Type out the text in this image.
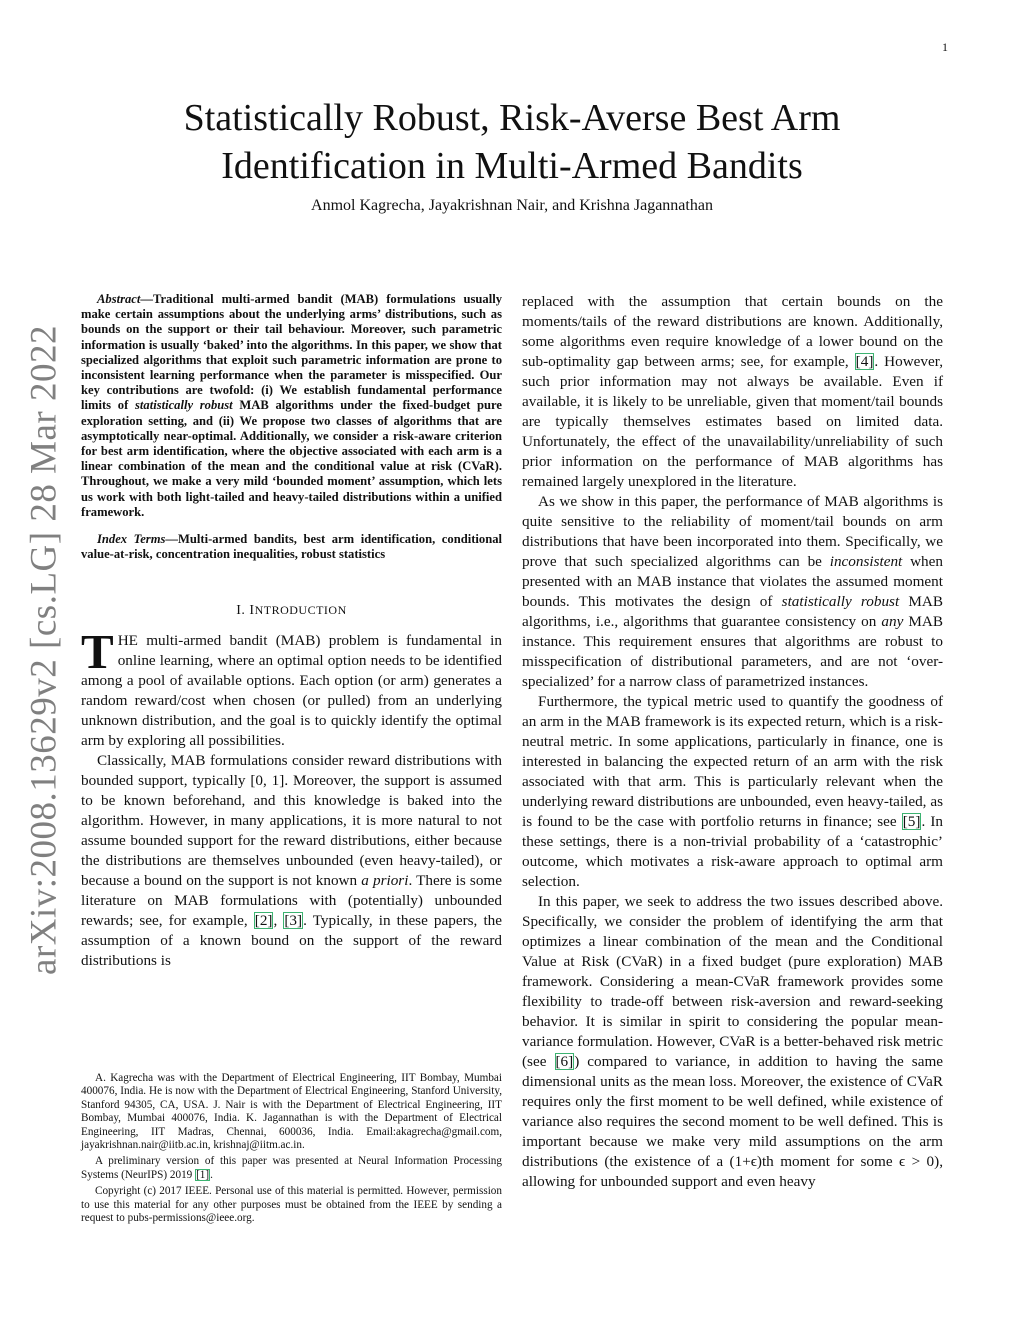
1
arXiv:2008.13629v2 [cs.LG] 28 Mar 2022
Statistically Robust, Risk-Averse Best Arm
Identification in Multi-Armed Bandits

Anmol Kagrecha, Jayakrishnan Nair, and Krishna Jagannathan

Abstract—Traditional multi-armed bandit (MAB) formulations usually make certain assumptions about the underlying arms’ distributions, such as bounds on the support or their tail behaviour. Moreover, such parametric information is usually ‘baked’ into the algorithms. In this paper, we show that specialized algorithms that exploit such parametric information are prone to inconsistent learning performance when the parameter is misspecified. Our key contributions are twofold: (i) We establish fundamental performance limits of statistically robust MAB algorithms under the fixed-budget pure exploration setting, and (ii) We propose two classes of algorithms that are asymptotically near-optimal. Additionally, we consider a risk-aware criterion for best arm identification, where the objective associated with each arm is a linear combination of the mean and the conditional value at risk (CVaR). Throughout, we make a very mild ‘bounded moment’ assumption, which lets us work with both light-tailed and heavy-tailed distributions within a unified framework.

Index Terms—Multi-armed bandits, best arm identification, conditional value-at-risk, concentration inequalities, robust statistics

I. INTRODUCTION

THE multi-armed bandit (MAB) problem is fundamental in online learning, where an optimal option needs to be identified among a pool of available options. Each option (or arm) generates a random reward/cost when chosen (or pulled) from an underlying unknown distribution, and the goal is to quickly identify the optimal arm by exploring all possibilities.

Classically, MAB formulations consider reward distributions with bounded support, typically [0, 1]. Moreover, the support is assumed to be known beforehand, and this knowledge is baked into the algorithm. However, in many applications, it is more natural to not assume bounded support for the reward distributions, either because the distributions are themselves unbounded (even heavy-tailed), or because a bound on the support is not known a priori. There is some literature on MAB formulations with (potentially) unbounded rewards; see, for example, [2], [3]. Typically, in these papers, the assumption of a known bound on the support of the reward distributions is

A. Kagrecha was with the Department of Electrical Engineering, IIT Bombay, Mumbai 400076, India. He is now with the Department of Electrical Engineering, Stanford University, Stanford 94305, CA, USA. J. Nair is with the Department of Electrical Engineering, IIT Bombay, Mumbai 400076, India. K. Jagannathan is with the Department of Electrical Engineering, IIT Madras, Chennai, 600036, India. Email:akagrecha@gmail.com, jayakrishnan.nair@iitb.ac.in, krishnaj@iitm.ac.in.

A preliminary version of this paper was presented at Neural Information Processing Systems (NeurIPS) 2019 [1].

Copyright (c) 2017 IEEE. Personal use of this material is permitted. However, permission to use this material for any other purposes must be obtained from the IEEE by sending a request to pubs-permissions@ieee.org.

replaced with the assumption that certain bounds on the moments/tails of the reward distributions are known. Additionally, some algorithms even require knowledge of a lower bound on the sub-optimality gap between arms; see, for example, [4]. However, such prior information may not always be available. Even if available, it is likely to be unreliable, given that moment/tail bounds are typically themselves estimates based on limited data. Unfortunately, the effect of the unavailability/unreliability of such prior information on the performance of MAB algorithms has remained largely unexplored in the literature.

As we show in this paper, the performance of MAB algorithms is quite sensitive to the reliability of moment/tail bounds on arm distributions that have been incorporated into them. Specifically, we prove that such specialized algorithms can be inconsistent when presented with an MAB instance that violates the assumed moment bounds. This motivates the design of statistically robust MAB algorithms, i.e., algorithms that guarantee consistency on any MAB instance. This requirement ensures that algorithms are robust to misspecification of distributional parameters, and are not ‘over-specialized’ for a narrow class of parametrized instances.

Furthermore, the typical metric used to quantify the goodness of an arm in the MAB framework is its expected return, which is a risk-neutral metric. In some applications, particularly in finance, one is interested in balancing the expected return of an arm with the risk associated with that arm. This is particularly relevant when the underlying reward distributions are unbounded, even heavy-tailed, as is found to be the case with portfolio returns in finance; see [5]. In these settings, there is a non-trivial probability of a ‘catastrophic’ outcome, which motivates a risk-aware approach to optimal arm selection.

In this paper, we seek to address the two issues described above. Specifically, we consider the problem of identifying the arm that optimizes a linear combination of the mean and the Conditional Value at Risk (CVaR) in a fixed budget (pure exploration) MAB framework. Considering a mean-CVaR framework provides some flexibility to trade-off between risk-aversion and reward-seeking behavior. It is similar in spirit to considering the popular mean-variance formulation. However, CVaR is a better-behaved risk metric (see [6]) compared to variance, in addition to having the same dimensional units as the mean loss. Moreover, the existence of CVaR requires only the first moment to be well defined, while existence of variance also requires the second moment to be well defined. This is important because we make very mild assumptions on the arm distributions (the existence of a (1+ϵ)th moment for some ϵ > 0), allowing for unbounded support and even heavy
